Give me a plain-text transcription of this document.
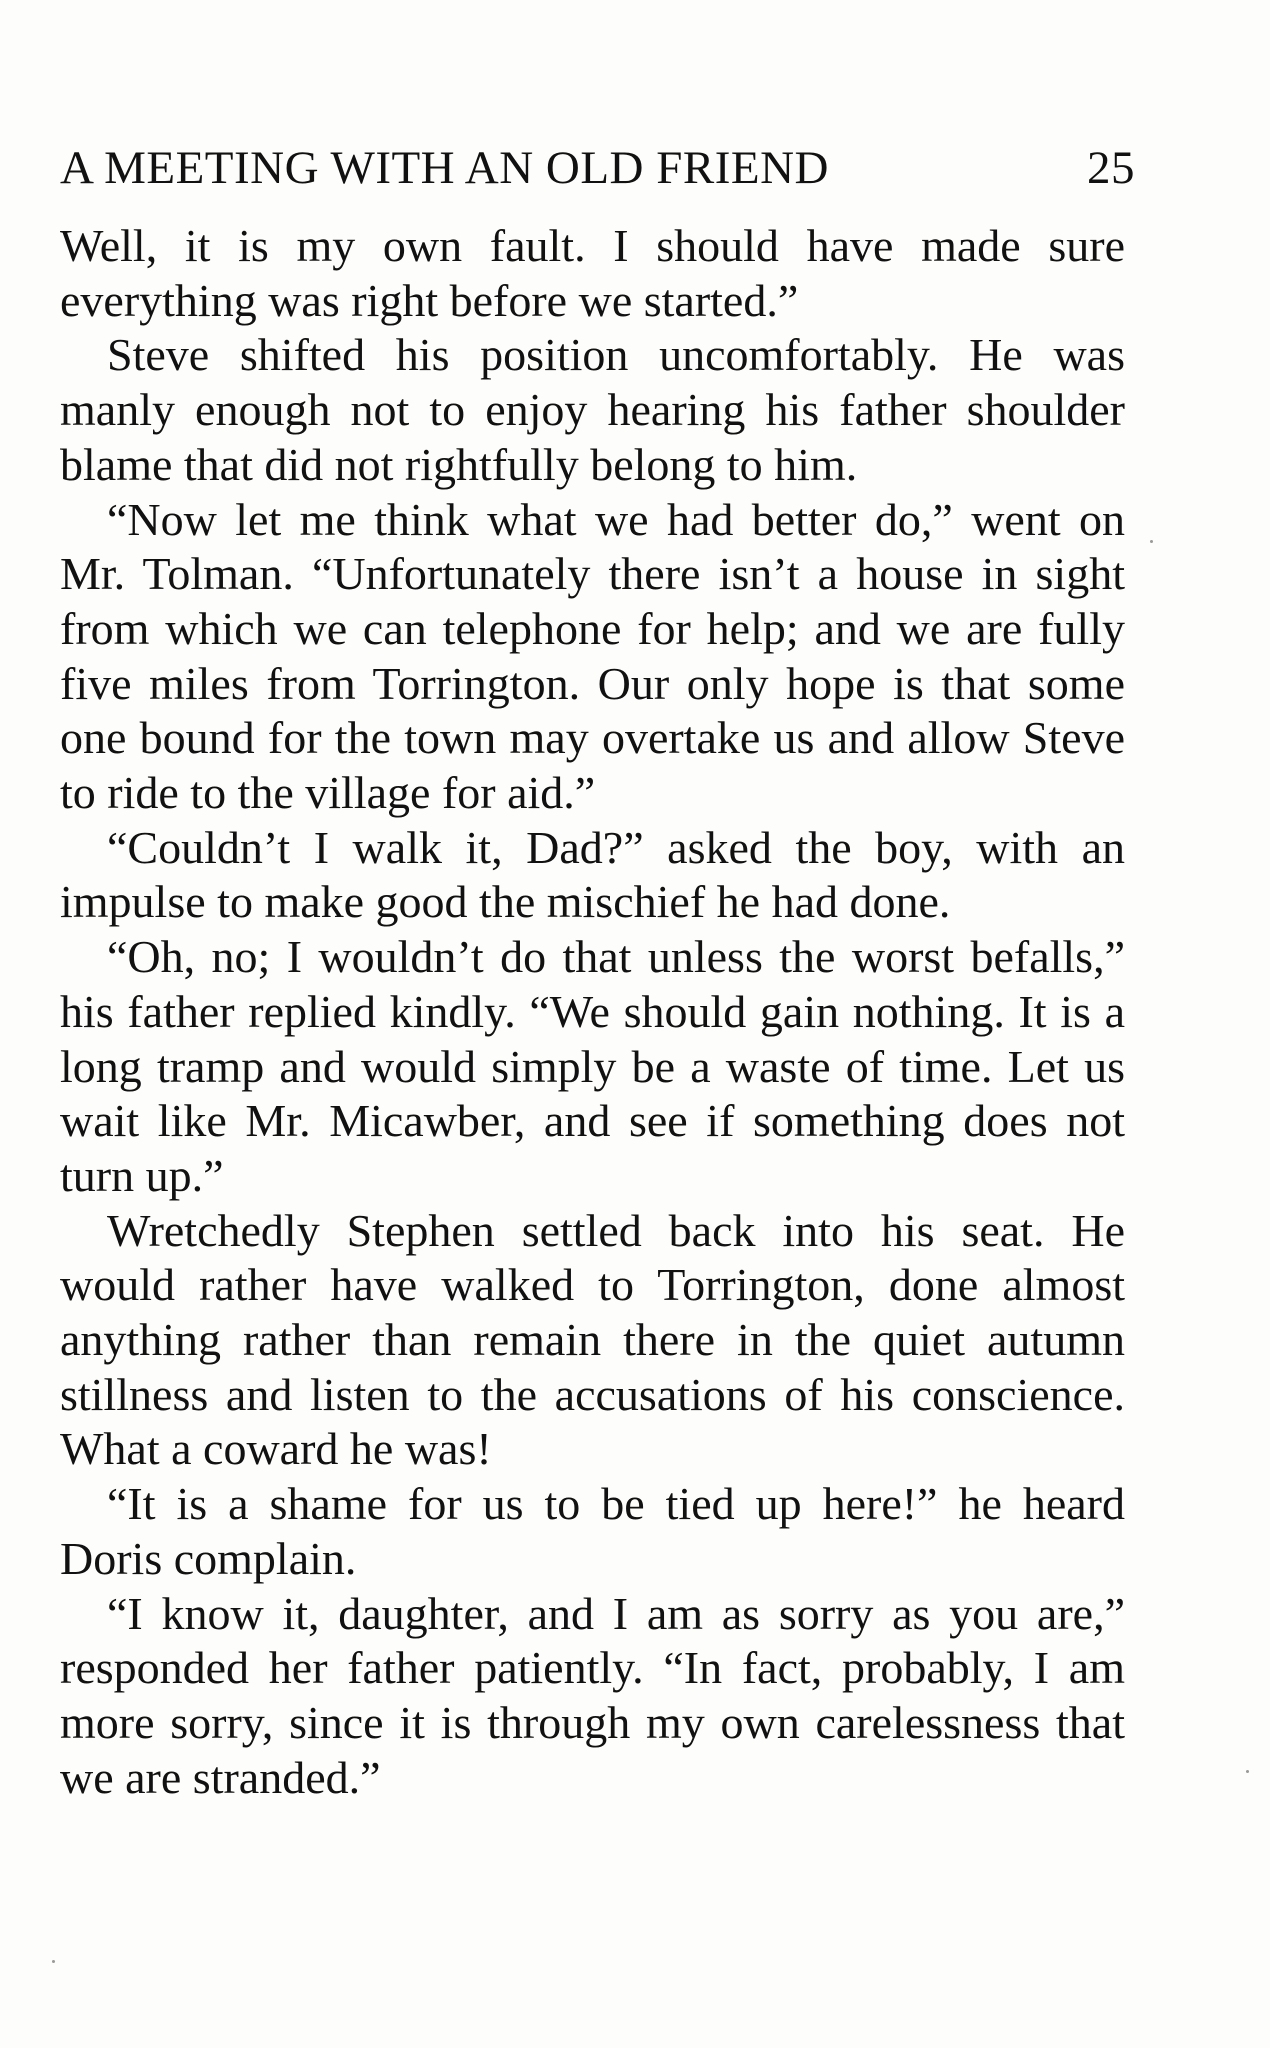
A MEETING WITH AN OLD FRIEND	25

Well, it is my own fault. I should have made sure everything was right before we started.”

Steve shifted his position uncomfortably. He was manly enough not to enjoy hearing his father shoulder blame that did not rightfully belong to him.

“Now let me think what we had better do,” went on Mr. Tolman. “Unfortunately there isn’t a house in sight from which we can telephone for help; and we are fully five miles from Torrington. Our only hope is that some one bound for the town may overtake us and allow Steve to ride to the village for aid.”

“Couldn’t I walk it, Dad?” asked the boy, with an impulse to make good the mischief he had done.

“Oh, no; I wouldn’t do that unless the worst befalls,” his father replied kindly. “We should gain nothing. It is a long tramp and would simply be a waste of time. Let us wait like Mr. Micawber, and see if something does not turn up.”

Wretchedly Stephen settled back into his seat. He would rather have walked to Torrington, done almost anything rather than remain there in the quiet autumn stillness and listen to the accusations of his conscience. What a coward he was!

“It is a shame for us to be tied up here!” he heard Doris complain.

“I know it, daughter, and I am as sorry as you are,” responded her father patiently. “In fact, probably, I am more sorry, since it is through my own carelessness that we are stranded.”
